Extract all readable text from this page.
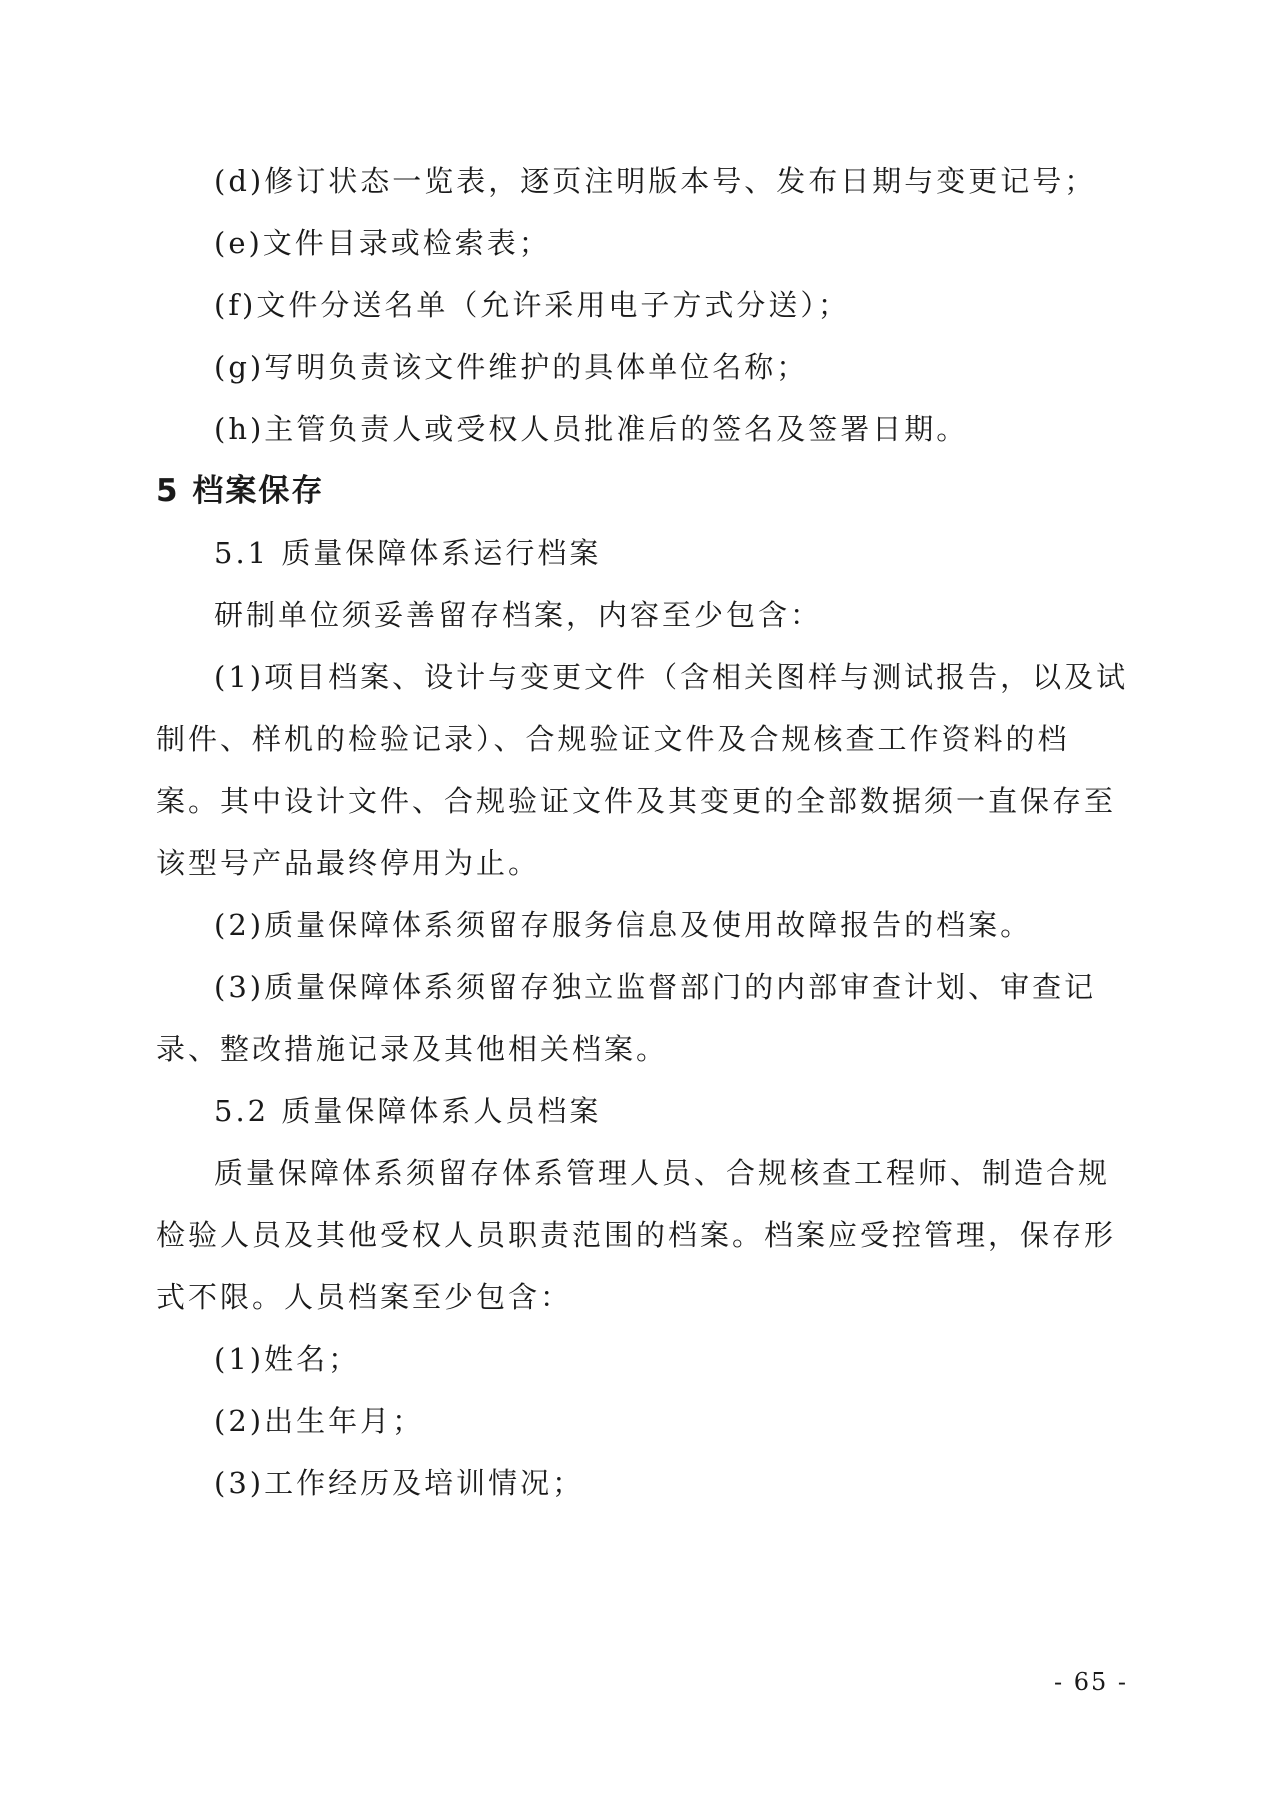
(d)修订状态一览表，逐页注明版本号、发布日期与变更记号；

(e)文件目录或检索表；

(f)文件分送名单（允许采用电子方式分送）；

(g)写明负责该文件维护的具体单位名称；

(h)主管负责人或受权人员批准后的签名及签署日期。

5 档案保存

5.1 质量保障体系运行档案

研制单位须妥善留存档案，内容至少包含：

(1)项目档案、设计与变更文件（含相关图样与测试报告，以及试制件、样机的检验记录）、合规验证文件及合规核查工作资料的档案。其中设计文件、合规验证文件及其变更的全部数据须一直保存至该型号产品最终停用为止。

(2)质量保障体系须留存服务信息及使用故障报告的档案。

(3)质量保障体系须留存独立监督部门的内部审查计划、审查记录、整改措施记录及其他相关档案。

5.2 质量保障体系人员档案

质量保障体系须留存体系管理人员、合规核查工程师、制造合规检验人员及其他受权人员职责范围的档案。档案应受控管理，保存形式不限。人员档案至少包含：

(1)姓名；

(2)出生年月；

(3)工作经历及培训情况；

- 65 -
